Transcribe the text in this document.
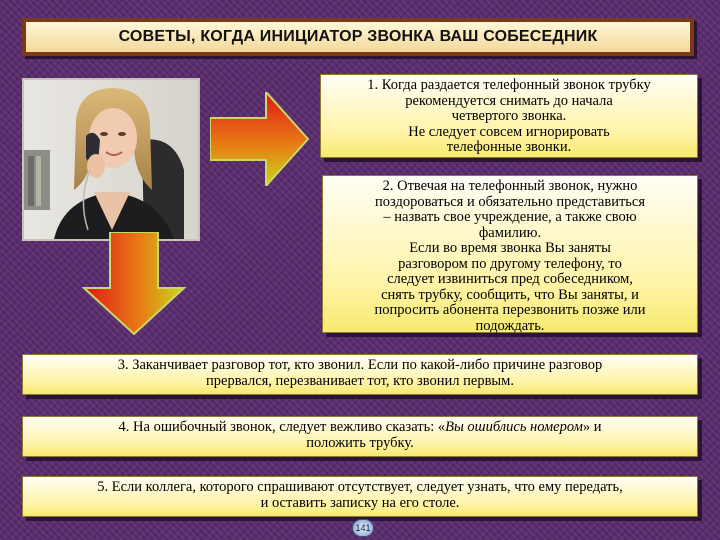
СОВЕТЫ, КОГДА ИНИЦИАТОР ЗВОНКА ВАШ СОБЕСЕДНИК
1. Когда раздается телефонный звонок трубку
рекомендуется снимать до начала
четвертого звонка.
Не следует совсем игнорировать
телефонные звонки.
2. Отвечая на телефонный звонок, нужно
поздороваться и обязательно представиться
– назвать свое учреждение, а также свою
фамилию.
Если во время звонка Вы заняты
разговором по другому телефону, то
следует извиниться пред собеседником,
снять трубку, сообщить, что Вы заняты, и
попросить абонента перезвонить позже или
подождать.
3. Заканчивает разговор тот, кто звонил. Если по какой-либо причине разговор
прервался, перезванивает тот, кто звонил первым.
4. На ошибочный звонок, следует вежливо сказать: «Вы ошиблись номером» и
положить трубку.
5. Если коллега, которого спрашивают отсутствует, следует узнать, что ему передать,
и оставить записку на его столе.
141
